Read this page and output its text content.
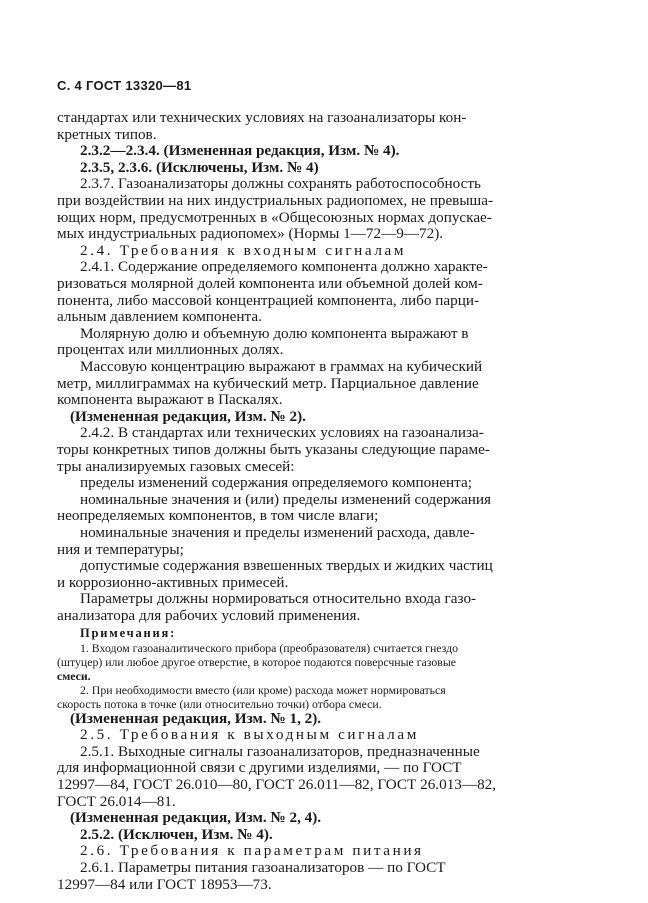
С. 4 ГОСТ 13320—81
стандартах или технических условиях на газоанализаторы кон-
кретных типов.
2.3.2—2.3.4. (Измененная редакция, Изм. № 4).
2.3.5, 2.3.6. (Исключены, Изм. № 4)
2.3.7. Газоанализаторы должны сохранять работоспособность
при воздействии на них индустриальных радиопомех, не превыша-
ющих норм, предусмотренных в «Общесоюзных нормах допускае-
мых индустриальных радиопомех» (Нормы 1—72—9—72).
2.4. Требования к входным сигналам
2.4.1. Содержание определяемого компонента должно характе-
ризоваться молярной долей компонента или объемной долей ком-
понента, либо массовой концентрацией компонента, либо парци-
альным давлением компонента.
Молярную долю и объемную долю компонента выражают в
процентах или миллионных долях.
Массовую концентрацию выражают в граммах на кубический
метр, миллиграммах на кубический метр. Парциальное давление
компонента выражают в Паскалях.
(Измененная редакция, Изм. № 2).
2.4.2. В стандартах или технических условиях на газоанализа-
торы конкретных типов должны быть указаны следующие параме-
тры анализируемых газовых смесей:
пределы изменений содержания определяемого компонента;
номинальные значения и (или) пределы изменений содержания
неопределяемых компонентов, в том числе влаги;
номинальные значения и пределы изменений расхода, давле-
ния и температуры;
допустимые содержания взвешенных твердых и жидких частиц
и коррозионно-активных примесей.
Параметры должны нормироваться относительно входа газо-
анализатора для рабочих условий применения.
Примечания:
1. Входом газоаналитического прибора (преобразователя) считается гнездо
(штуцер) или любое другое отверстие, в которое подаются поверсчные газовые
смеси.
2. При необходимости вместо (или кроме) расхода может нормироваться
скорость потока в точке (или относительно точки) отбора смеси.
(Измененная редакция, Изм. № 1, 2).
2.5. Требования к выходным сигналам
2.5.1. Выходные сигналы газоанализаторов, предназначенные
для информационной связи с другими изделиями, — по ГОСТ
12997—84, ГОСТ 26.010—80, ГОСТ 26.011—82, ГОСТ 26.013—82,
ГОСТ 26.014—81.
(Измененная редакция, Изм. № 2, 4).
2.5.2. (Исключен, Изм. № 4).
2.6. Требования к параметрам питания
2.6.1. Параметры питания газоанализаторов — по ГОСТ
12997—84 или ГОСТ 18953—73.
